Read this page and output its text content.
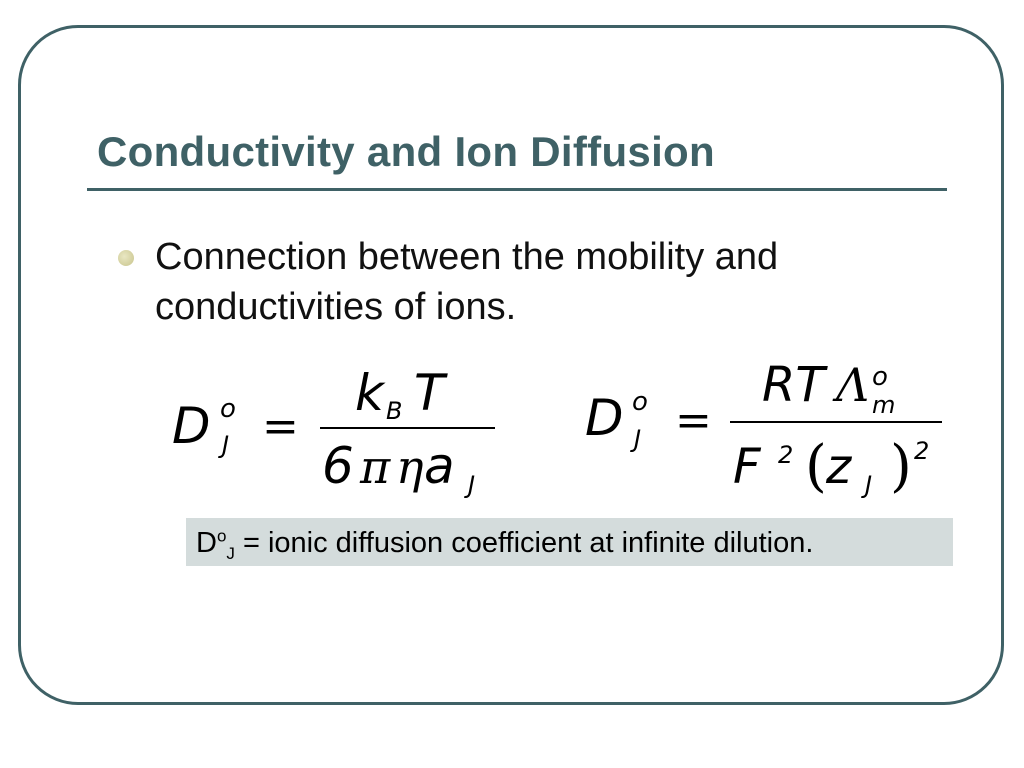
Conductivity and Ion Diffusion
Connection between the mobility and conductivities of ions.
D o
J =
k B T
6 π η a J
D o
J =
RT Λ o
m
F 2 ( z J ) 2
$D^o_J$ = ionic diffusion coefficient at infinite dilution.
